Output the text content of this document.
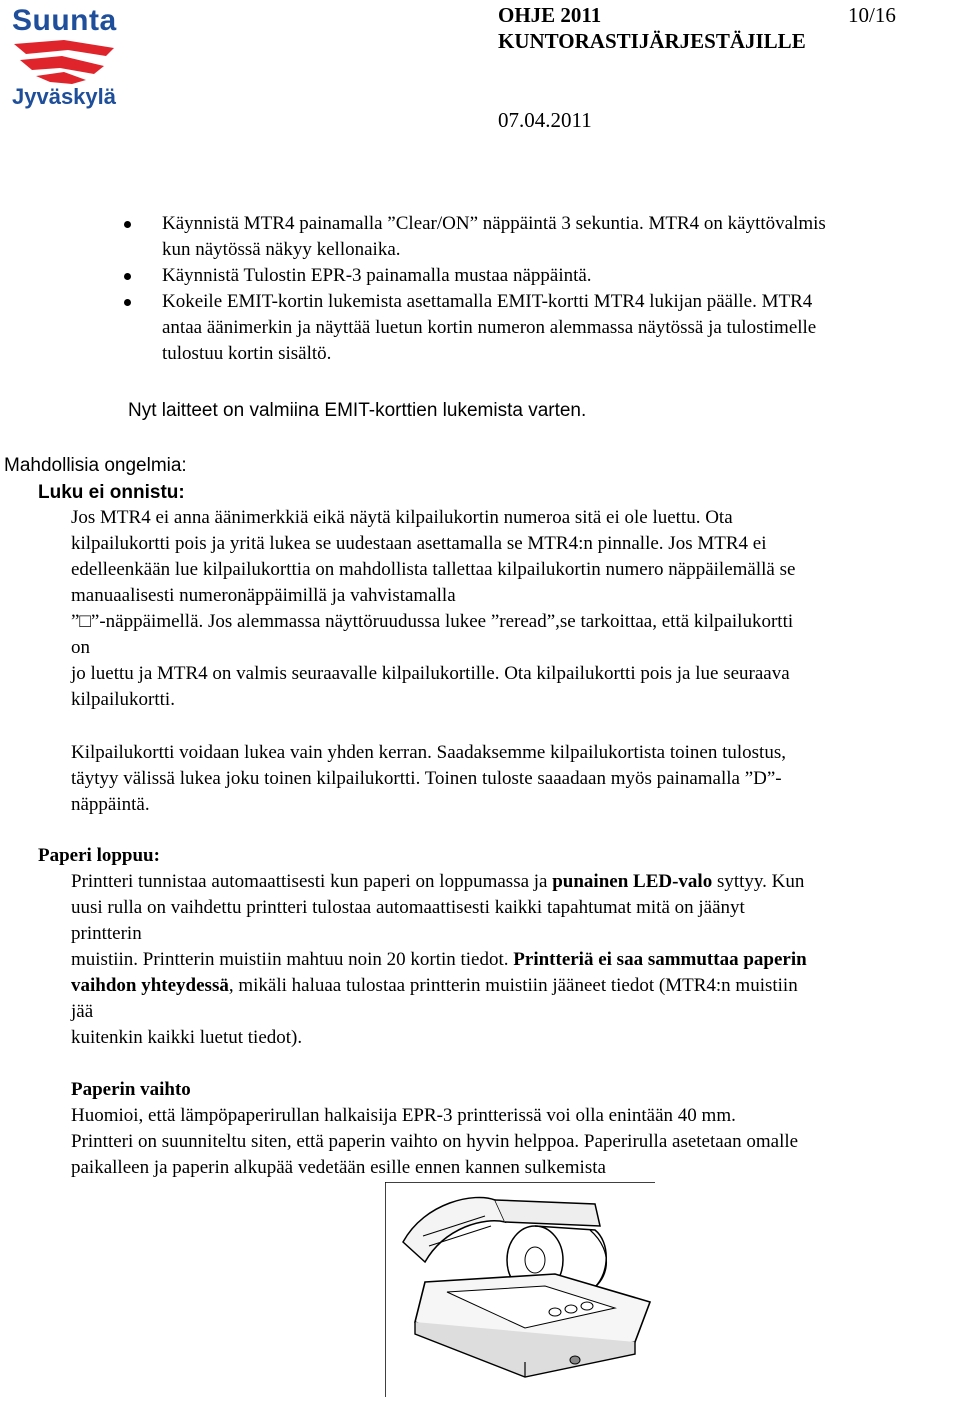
Suunta
Jyväskylä
OHJE 2011
KUNTORASTIJÄRJESTÄJILLE
10/16
07.04.2011
Käynnistä MTR4 painamalla ”Clear/ON” näppäintä 3 sekuntia. MTR4 on käyttövalmis
kun näytössä näkyy kellonaika.
Käynnistä Tulostin EPR-3 painamalla mustaa näppäintä.
Kokeile EMIT-kortin lukemista asettamalla EMIT-kortti MTR4 lukijan päälle. MTR4
antaa äänimerkin ja näyttää luetun kortin numeron alemmassa näytössä ja tulostimelle
tulostuu kortin sisältö.
Nyt laitteet on valmiina EMIT-korttien lukemista varten.
Mahdollisia ongelmia:
Luku ei onnistu:
Jos MTR4 ei anna äänimerkkiä eikä näytä kilpailukortin numeroa sitä ei ole luettu. Ota
kilpailukortti pois ja yritä lukea se uudestaan asettamalla se MTR4:n pinnalle. Jos MTR4 ei
edelleenkään lue kilpailukorttia on mahdollista tallettaa kilpailukortin numero näppäilemällä se
manuaalisesti numeronäppäimillä ja vahvistamalla
”□”-näppäimellä. Jos alemmassa näyttöruudussa lukee ”reread”,se tarkoittaa, että kilpailukortti
on
jo luettu ja MTR4 on valmis seuraavalle kilpailukortille. Ota kilpailukortti pois ja lue seuraava
kilpailukortti.
Kilpailukortti voidaan lukea vain yhden kerran. Saadaksemme kilpailukortista toinen tulostus,
täytyy välissä lukea joku toinen kilpailukortti. Toinen tuloste saaadaan myös painamalla ”D”-
näppäintä.
Paperi loppuu:
Printteri tunnistaa automaattisesti kun paperi on loppumassa ja punainen LED-valo syttyy. Kun
uusi rulla on vaihdettu printteri tulostaa automaattisesti kaikki tapahtumat mitä on jäänyt
printterin
muistiin. Printterin muistiin mahtuu noin 20 kortin tiedot. Printteriä ei saa sammuttaa paperin
vaihdon yhteydessä, mikäli haluaa tulostaa printterin muistiin jääneet tiedot (MTR4:n muistiin
jää
kuitenkin kaikki luetut tiedot).
Paperin vaihto
Huomioi, että lämpöpaperirullan halkaisija EPR-3 printterissä voi olla enintään 40 mm.
Printteri on suunniteltu siten, että paperin vaihto on hyvin helppoa. Paperirulla asetetaan omalle
paikalleen ja paperin alkupää vedetään esille ennen kannen sulkemista
